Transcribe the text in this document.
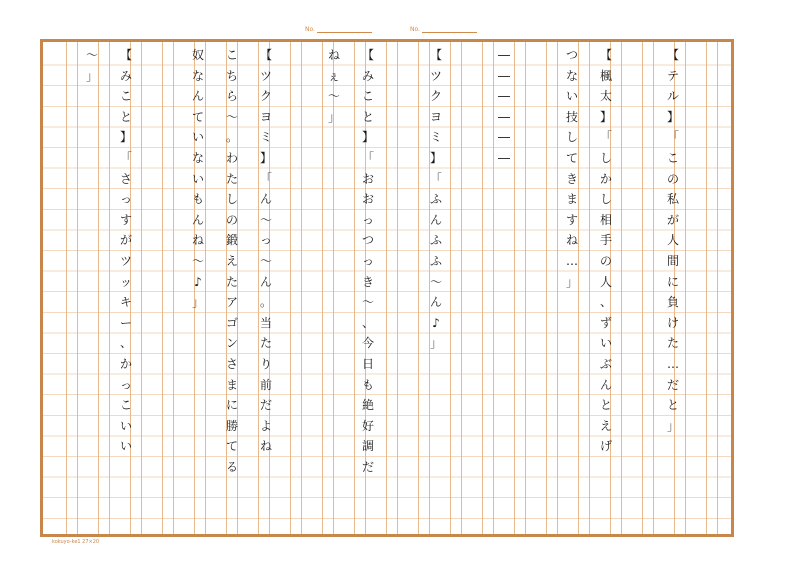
No.	No.
【
テ
ル
】
「
こ
の
私
が
人
間
に
負
け
た
…
だ
と
」
【
楓
太
】
「
し
か
し
相
手
の
人
、
ず
い
ぶ
ん
と
え
げ
つ
な
い
技
し
て
き
ま
す
ね
…
」
―
―
―
―
―
―
【
ツ
ク
ヨ
ミ
】
「
ふ
ん
ふ
ふ
～
ん
♪
」
【
み
こ
と
】
「
お
お
っ
つ
っ
き
～
、
今
日
も
絶
好
調
だ
ね
ぇ
～
」
【
ツ
ク
ヨ
ミ
】
「
ん
～
っ
～
ん
。
当
た
り
前
だ
よ
ね
こ
ち
ら
～
。
わ
た
し
の
鍛
え
た
ア
ゴ
ン
さ
ま
に
勝
て
る
奴
な
ん
て
い
な
い
も
ん
ね
～
♪
」
【
み
こ
と
】
「
さ
っ
す
が
ツ
ッ
キ
ー
、
か
っ
こ
い
い
～
」
kokuyo-ke1 27×20
